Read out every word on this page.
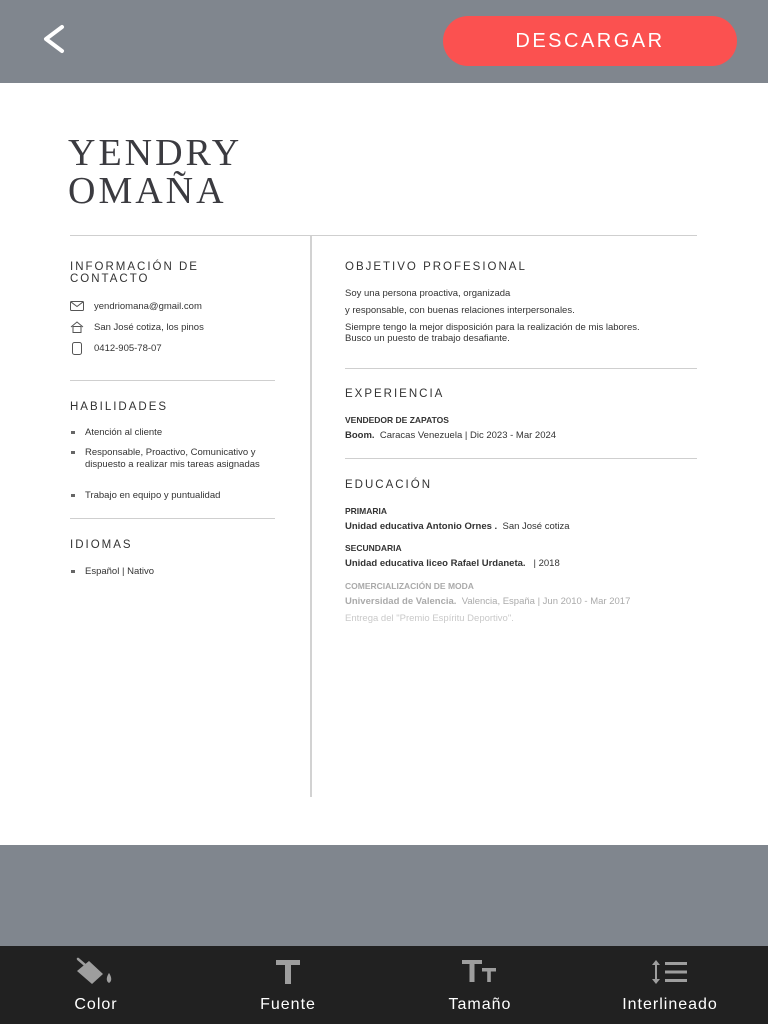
DESCARGAR
YENDRY
OMAÑA
INFORMACIÓN DE
CONTACTO
yendriomana@gmail.com
San José cotiza, los pinos
0412-905-78-07
HABILIDADES
Atención al cliente
Responsable, Proactivo, Comunicativo y dispuesto a realizar mis tareas asignadas
Trabajo en equipo y puntualidad
IDIOMAS
Español | Nativo
OBJETIVO PROFESIONAL
Soy una persona proactiva, organizada
y responsable, con buenas relaciones interpersonales.
Siempre tengo la mejor disposición para la realización de mis labores.
Busco un puesto de trabajo desafiante.
EXPERIENCIA
VENDEDOR DE ZAPATOS
Boom. Caracas Venezuela | Dic 2023 - Mar 2024
EDUCACIÓN
PRIMARIA
Unidad educativa Antonio Ornes . San José cotiza
SECUNDARIA
Unidad educativa liceo Rafael Urdaneta. | 2018
COMERCIALIZACIÓN DE MODA
Universidad de Valencia. Valencia, España | Jun 2010 - Mar 2017
Entrega del "Premio Espíritu Deportivo".
Color	Fuente	Tamaño	Interlineado
